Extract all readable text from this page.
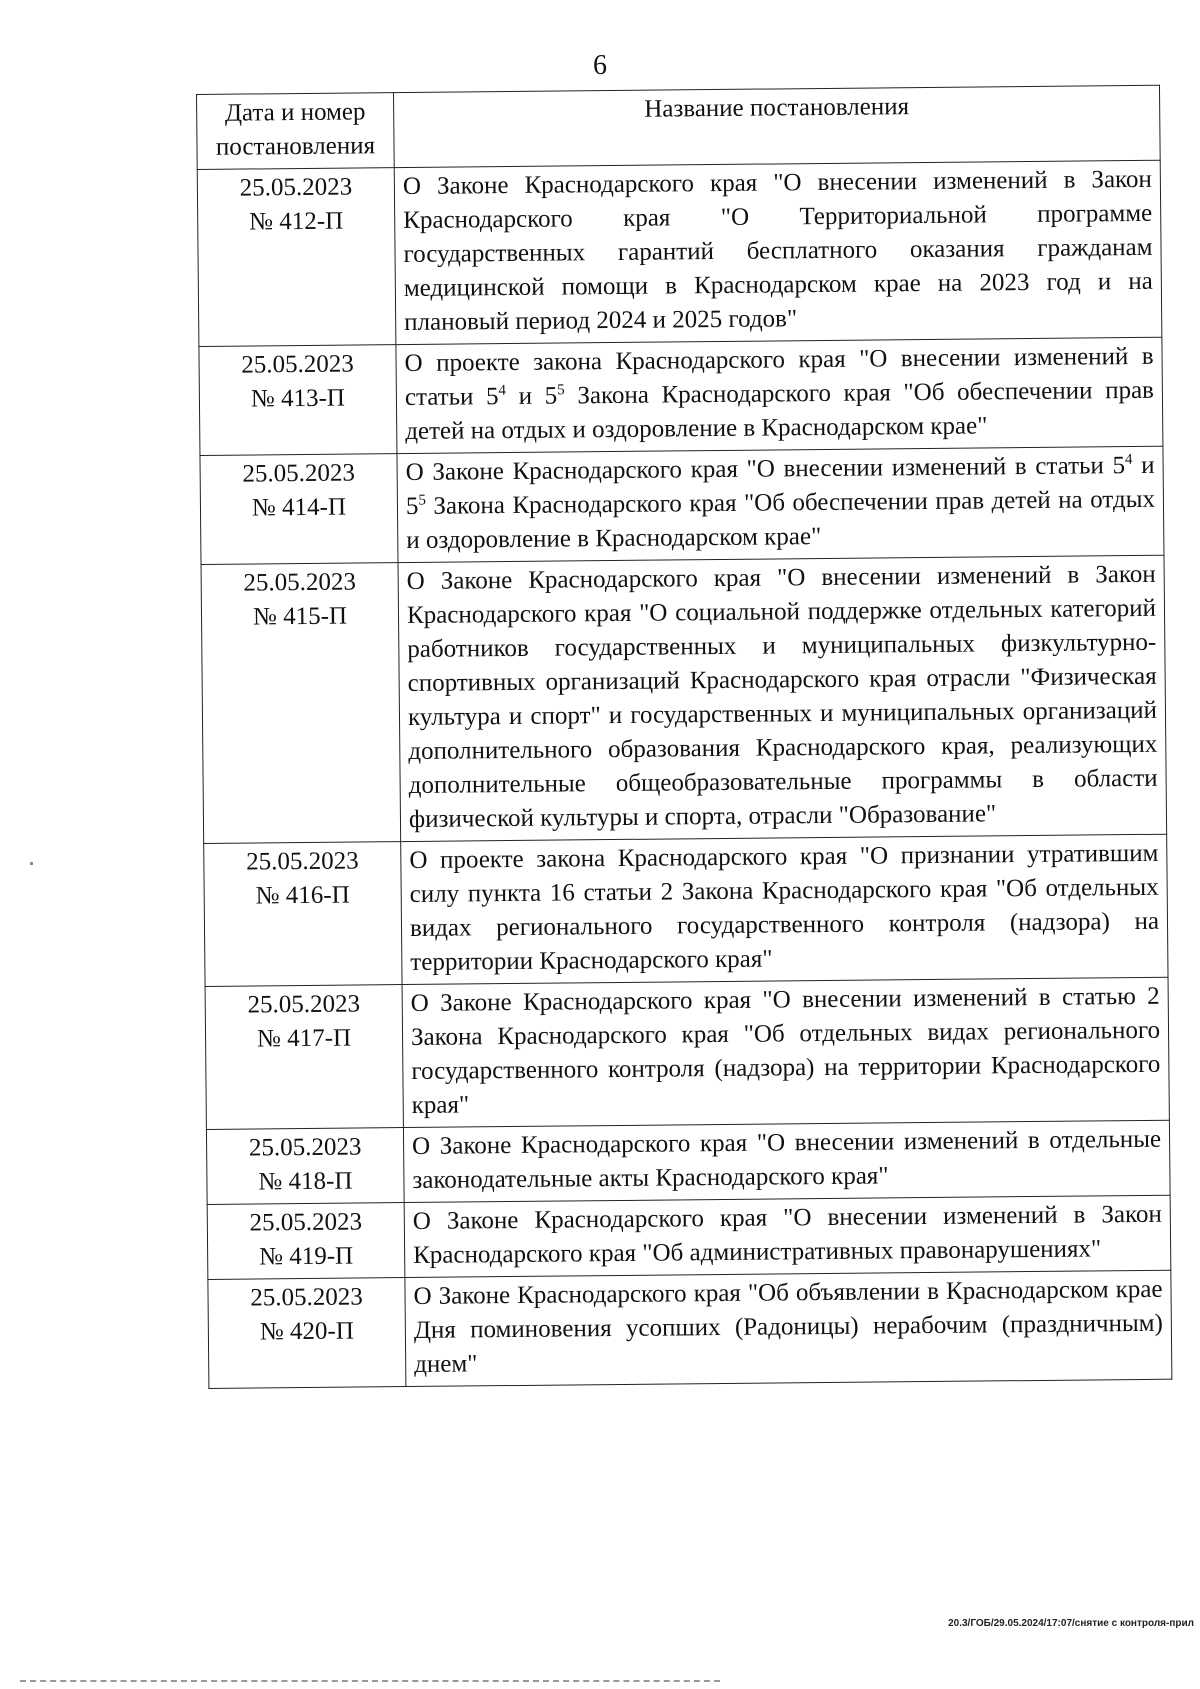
6
Дата и номер постановления	Название постановления

25.05.2023
№ 412-П	О Законе Краснодарского края "О внесении изменений в Закон Краснодарского края "О Территориальной программе государственных гарантий бесплатного оказания гражданам медицинской помощи в Краснодарском крае на 2023 год и на плановый период 2024 и 2025 годов"

25.05.2023
№ 413-П	О проекте закона Краснодарского края "О внесении изменений в статьи $5^4$ и $5^5$ Закона Краснодарского края "Об обеспечении прав детей на отдых и оздоровление в Краснодарском крае"

25.05.2023
№ 414-П	О Законе Краснодарского края "О внесении изменений в статьи $5^4$ и $5^5$ Закона Краснодарского края "Об обеспечении прав детей на отдых и оздоровление в Краснодарском крае"

25.05.2023
№ 415-П	О Законе Краснодарского края "О внесении изменений в Закон Краснодарского края "О социальной поддержке отдельных категорий работников государственных и муниципальных физкультурно-спортивных организаций Краснодарского края отрасли "Физическая культура и спорт" и государственных и муниципальных организаций дополнительного образования Краснодарского края, реализующих дополнительные общеобразовательные программы в области физической культуры и спорта, отрасли "Образование"

25.05.2023
№ 416-П	О проекте закона Краснодарского края "О признании утратившим силу пункта 16 статьи 2 Закона Краснодарского края "Об отдельных видах регионального государственного контроля (надзора) на территории Краснодарского края"

25.05.2023
№ 417-П	О Законе Краснодарского края "О внесении изменений в статью 2 Закона Краснодарского края "Об отдельных видах регионального государственного контроля (надзора) на территории Краснодарского края"

25.05.2023
№ 418-П	О Законе Краснодарского края "О внесении изменений в отдельные законодательные акты Краснодарского края"

25.05.2023
№ 419-П	О Законе Краснодарского края "О внесении изменений в Закон Краснодарского края "Об административных правонарушениях"

25.05.2023
№ 420-П	О Законе Краснодарского края "Об объявлении в Краснодарском крае Дня поминовения усопших (Радоницы) нерабочим (праздничным) днем"
20.3/ГОБ/29.05.2024/17:07/снятие с контроля-прил
